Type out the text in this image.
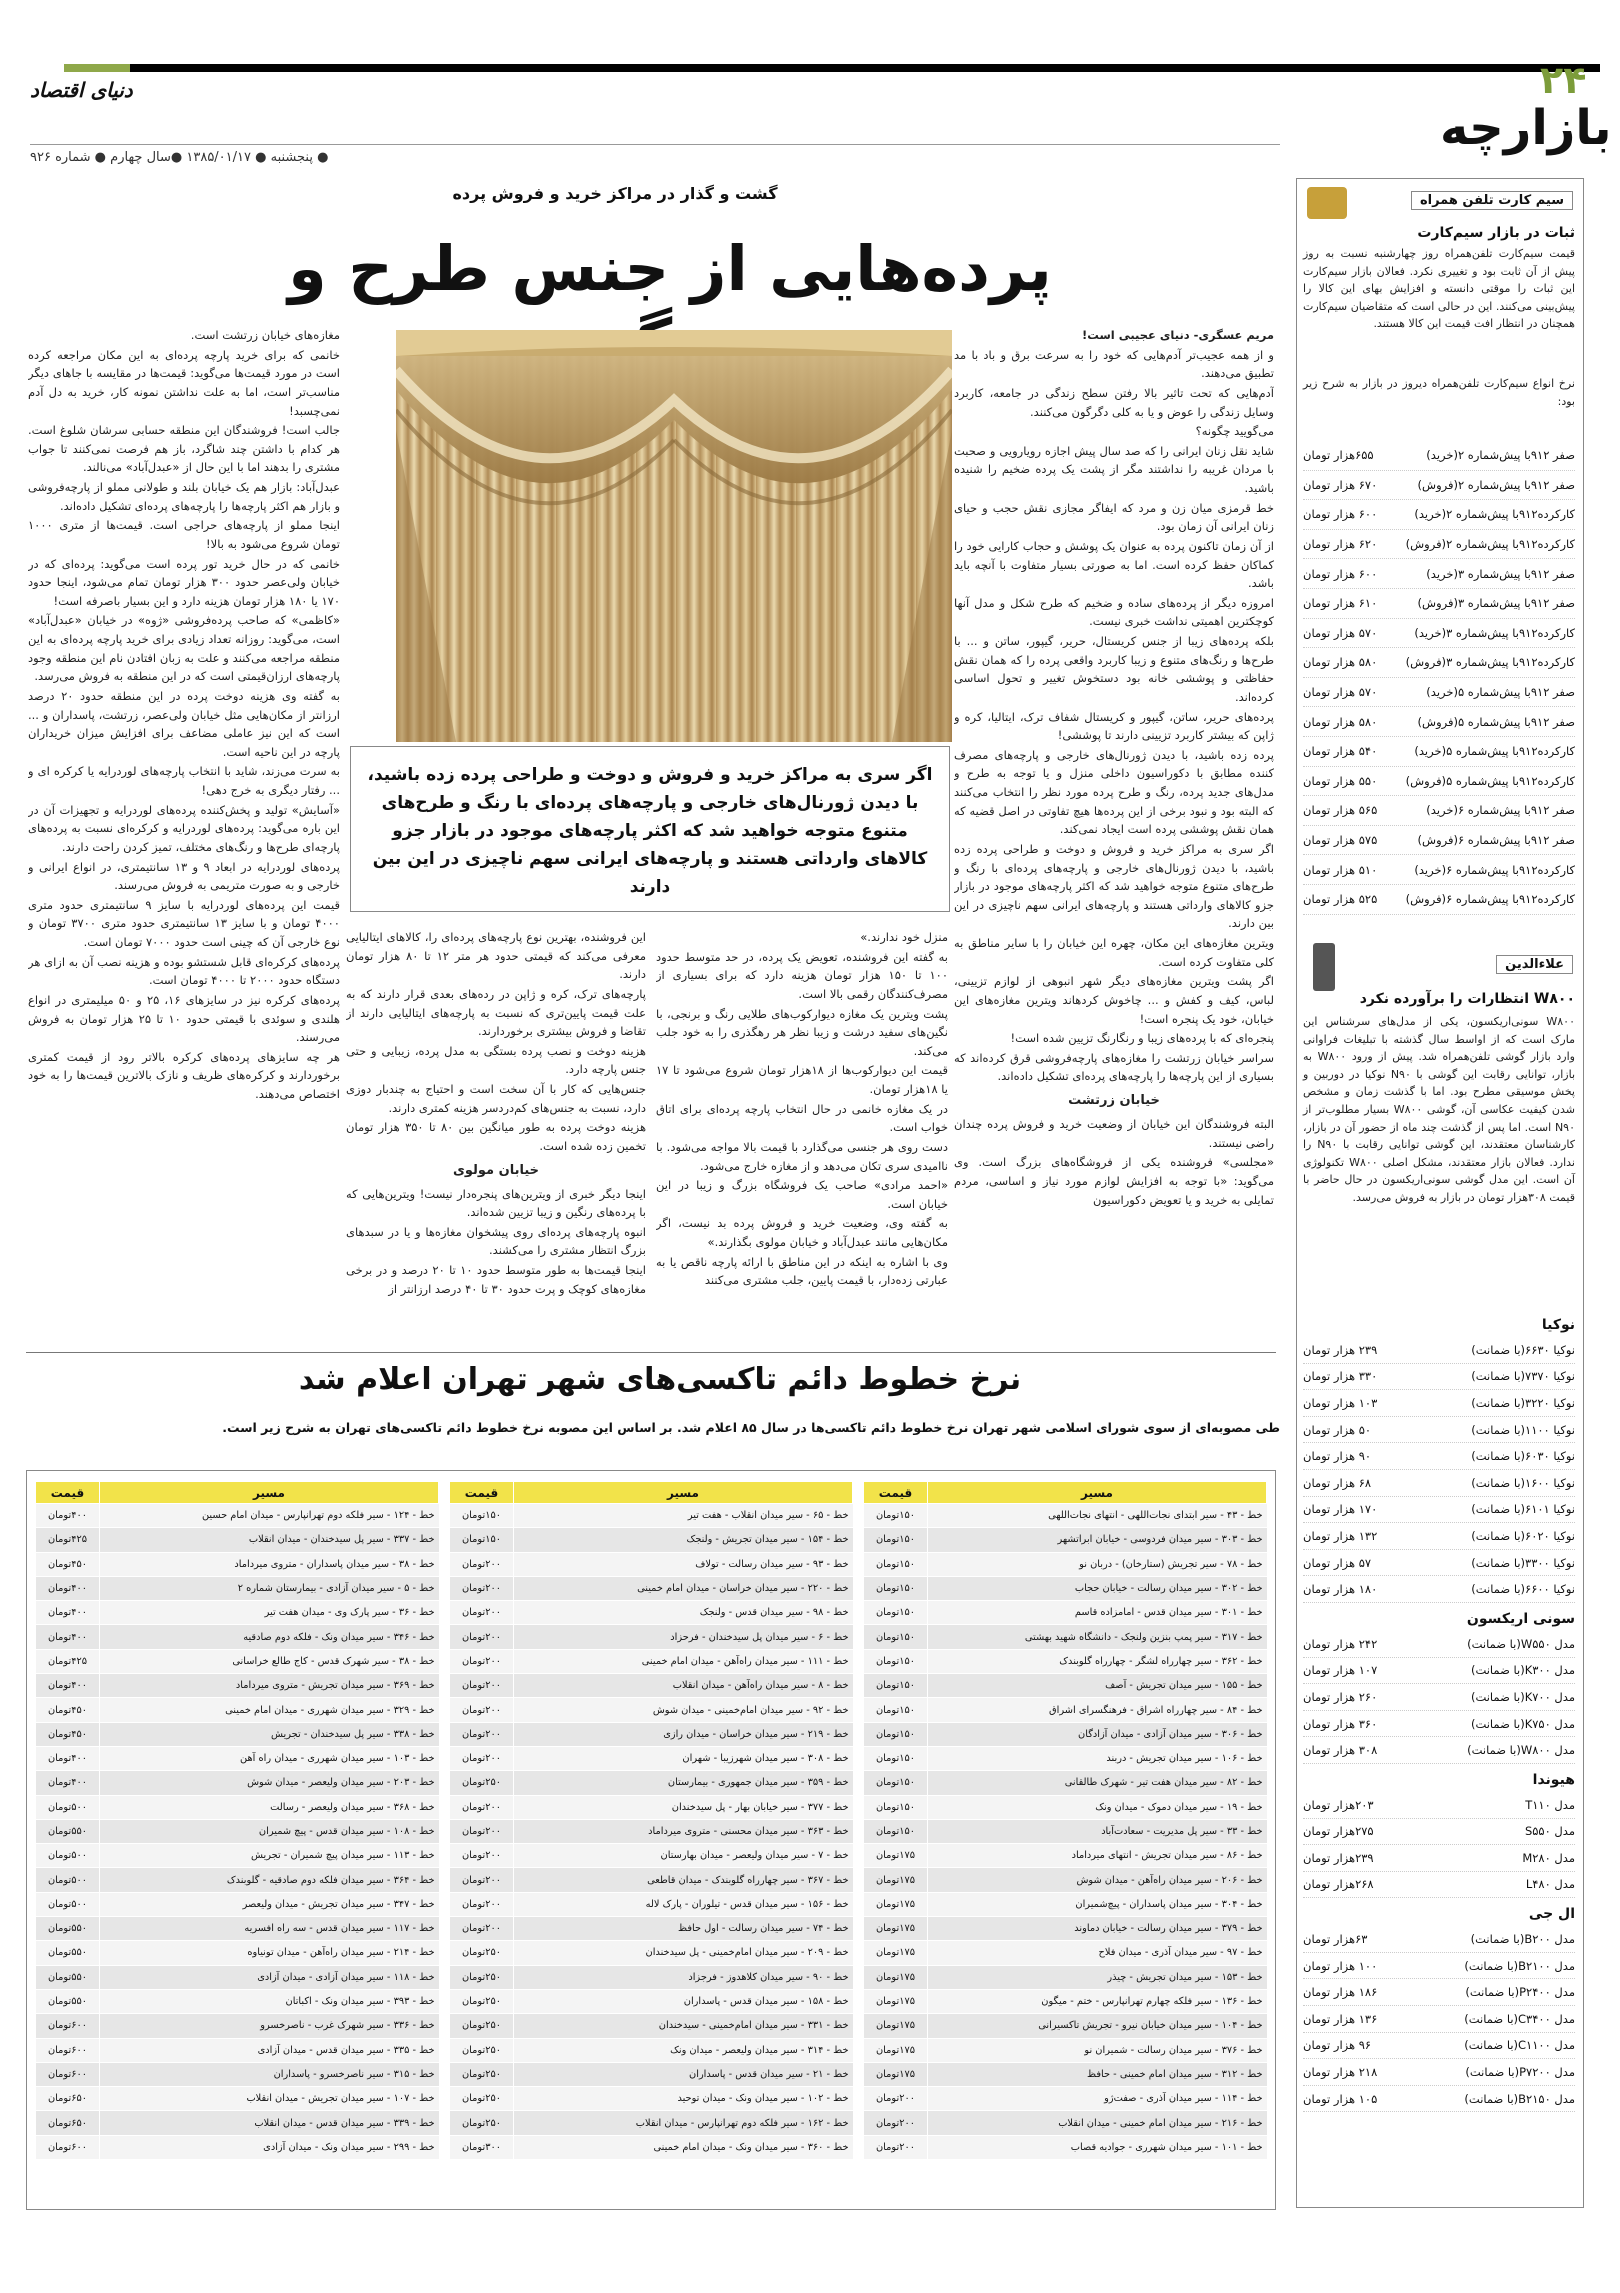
۲۴
دنیای اقتصاد
بازارچه
● پنجشنبه ● ۱۳۸۵/۰۱/۱۷ ●سال چهارم ● شماره ۹۲۶
گشت و گذار در مراکز خرید و فروش پرده
پرده‌هایی از جنس طرح و

مریم عسگری- دنیای عجیبی است!

و از همه عجیب‌تر آدم‌هایی که خود را به سرعت برق و باد با مد تطبیق می‌دهند.

آدم‌هایی که تحت تاثیر بالا رفتن سطح زندگی در جامعه، کاربرد وسایل زندگی را عوض و یا به کلی دگرگون می‌کنند.

می‌گویید چگونه؟

شاید نقل زنان ایرانی را که صد سال پیش اجازه رویارویی و صحبت با مردان غریبه را نداشتند مگر از پشت یک پرده ضخیم را شنیده باشید.

خط قرمزی میان زن و مرد که ایفاگر مجازی نقش حجب و حیای زنان ایرانی آن زمان بود.

از آن زمان تاکنون پرده به عنوان یک پوشش و حجاب کارایی خود را کماکان حفظ کرده است. اما به صورتی بسیار متفاوت با آنچه باید باشد.

امروزه دیگر از پرده‌های ساده و ضخیم که طرح شکل و مدل آنها کوچکترین اهمیتی نداشت خبری نیست.

بلکه پرده‌های زیبا از جنس کریستال، حریر، گیپور، ساتن و ... با طرح‌ها و رنگ‌های متنوع و زیبا کاربرد واقعی پرده را که همان نقش حفاظتی و پوششی خانه بود دستخوش تغییر و تحول اساسی کرده‌اند.

پرده‌های حریر، ساتن، گیپور و کریستال شفاف ترک، ایتالیا، کره و ژاپن که بیشتر کاربرد تزیینی دارند تا پوششی!

پرده زده باشید، با دیدن ژورنال‌های خارجی و پارچه‌های مصرف کننده مطابق با دکوراسیون داخلی منزل و یا توجه به طرح و مدل‌های جدید پرده، رنگ و طرح پرده مورد نظر را انتخاب می‌کنند که البته بود و نبود برخی از این پرده‌ها هیچ تفاوتی در اصل قضیه که همان نقش پوششی پرده است ایجاد نمی‌کند.

اگر سری به مراکز خرید و فروش و دوخت و طراحی پرده زده باشید، با دیدن ژورنال‌های خارجی و پارچه‌های پرده‌ای با رنگ و طرح‌های متنوع متوجه خواهید شد که اکثر پارچه‌های موجود در بازار جزو کالاهای وارداتی هستند و پارچه‌های ایرانی سهم ناچیزی در این بین دارند.

ویترین مغازه‌های این مکان، چهره این خیابان را با سایر مناطق به کلی متفاوت کرده است.

اگر پشت ویترین مغازه‌های دیگر شهر انبوهی از لوازم تزیینی، لباس، کیف و کفش و ... چاخوش کردهاند ویترین مغازه‌های این خیابان، خود یک پنجره است!

پنجره‌ای که با پرده‌های زیبا و رنگارنگ تزیین شده است!

سراسر خیابان زرتشت را مغازه‌های پارچه‌فروشی قرق کرده‌اند که بسیاری از این پارچه‌ها را پارچه‌های پرده‌ای تشکیل داده‌اند.

خیابان زرتشت

البته فروشندگان این خیابان از وضعیت خرید و فروش پرده چندان راضی نیستند.

«مجلسی» فروشنده یکی از فروشگاه‌های بزرگ است. وی می‌گوید: «با توجه به افزایش لوازم مورد نیاز و اساسی، مردم تمایلی به خرید و یا تعویض دکوراسیون

اگر سری به مراکز خرید و فروش و دوخت و طراحی پرده زده باشید، با دیدن ژورنال‌های خارجی و پارچه‌های پرده‌ای با رنگ و طرح‌های متنوع متوجه خواهید شد که اکثر پارچه‌های موجود در بازار جزو کالاهای وارداتی هستند و پارچه‌های ایرانی سهم ناچیزی در این بین دارند

منزل خود ندارند.»

به گفته این فروشنده، تعویض یک پرده، در حد متوسط حدود ۱۰۰ تا ۱۵۰ هزار تومان هزینه دارد که برای بسیاری از مصرف‌کنندگان رقمی بالا است.

پشت ویترین یک مغازه دیوارکوب‌های طلایی رنگ و برنجی، با نگین‌های سفید درشت و زیبا نظر هر رهگذری را به خود جلب می‌کند.

قیمت این دیوارکوب‌ها از ۱۸هزار تومان شروع می‌شود تا ۱۷ یا ۱۸هزار تومان.

در یک مغازه خانمی در حال انتخاب پارچه پرده‌ای برای اتاق خواب است.

دست روی هر جنسی می‌گذارد با قیمت بالا مواجه می‌شود. با ناامیدی سری تکان می‌دهد و از مغازه خارج می‌شود.

«احمد مرادی» صاحب یک فروشگاه بزرگ و زیبا در این خیابان است.

به گفته وی، وضعیت خرید و فروش پرده بد نیست، اگر مکان‌هایی مانند عبدل‌آباد و خیابان مولوی بگذارند.»

وی با اشاره به اینکه در این مناطق با ارائه پارچه ناقص یا به عبارتی زده‌دار، با قیمت پایین، جلب مشتری می‌کنند

این فروشنده، بهترین نوع پارچه‌های پرده‌ای را، کالاهای ایتالیایی معرفی می‌کند که قیمتی حدود هر متر ۱۲ تا ۸۰ هزار تومان دارند.

پارچه‌های ترک، کره و ژاپن در رده‌های بعدی قرار دارند که به علت قیمت پایین‌تری که نسبت به پارچه‌های ایتالیایی دارند از تقاضا و فروش بیشتری برخوردارند.

هزینه دوخت و نصب پرده بستگی به مدل پرده، زیبایی و حتی جنس پارچه دارد.

جنس‌هایی که کار با آن سخت است و احتیاج به چندبار دوزی دارد، نسبت به جنس‌های کم‌دردسر هزینه کمتری دارند.

هزینه دوخت پرده به طور میانگین بین ۸۰ تا ۳۵۰ هزار تومان تخمین زده شده است.

خیابان مولوی

اینجا دیگر خبری از ویترین‌های پنجره‌دار نیست! ویترین‌هایی که با پرده‌های رنگین و زیبا تزیین شده‌اند.

انبوه پارچه‌های پرده‌ای روی پیشخوان مغازه‌ها و یا در سبدهای بزرگ انتظار مشتری را می‌کشند.

اینجا قیمت‌ها به طور متوسط حدود ۱۰ تا ۲۰ درصد و در برخی مغازه‌های کوچک و پرت حدود ۳۰ تا ۴۰ درصد ارزانتر از

مغازه‌های خیابان زرتشت است.

خانمی که برای خرید پارچه پرده‌ای به این مکان مراجعه کرده است در مورد قیمت‌ها می‌گوید: قیمت‌ها در مقایسه با جاهای دیگر مناسب‌تر است، اما به علت نداشتن نمونه کار، خرید به دل آدم نمی‌چسبد!

جالب است! فروشندگان این منطقه حسابی سرشان شلوغ است. هر کدام با داشتن چند شاگرد، باز هم فرصت نمی‌کنند تا جواب مشتری را بدهند اما با این حال از «عبدل‌آباد» می‌نالند.

عبدل‌آباد: بازار هم یک خیابان بلند و طولانی مملو از پارچه‌فروشی و بازار هم اکثر پارچه‌ها را پارچه‌های پرده‌ای تشکیل داده‌اند.

اینجا مملو از پارچه‌های حراجی است. قیمت‌ها از متری ۱۰۰۰ تومان شروع می‌شود به بالا!

خانمی که در حال خرید تور پرده است می‌گوید: پرده‌ای که در خیابان ولی‌عصر حدود ۳۰۰ هزار تومان تمام می‌شود، اینجا حدود ۱۷۰ یا ۱۸۰ هزار تومان هزینه دارد و این بسیار باصرفه است!

«کاظمی» که صاحب پرده‌فروشی «ژوه» در خیابان «عبدل‌آباد» است، می‌گوید: روزانه تعداد زیادی برای خرید پارچه پرده‌ای به این منطقه مراجعه می‌کنند و علت به زبان افتادن نام این منطقه وجود پارچه‌های ارزان‌قیمتی است که در این منطقه به فروش می‌رسد.

به گفته وی هزینه دوخت پرده در این منطقه حدود ۲۰ درصد ارزانتر از مکان‌هایی مثل خیابان ولی‌عصر، زرتشت، پاسداران و ... است که این نیز عاملی مضاعف برای افزایش میزان خریداران پارچه در این ناحیه است.

به سرت می‌زند، شاید با انتخاب پارچه‌های لوردرایه یا کرکره ای و ... رفتار دیگری به خرج دهی!

«آسایش» تولید و پخش‌کننده پرده‌های لوردرایه و تجهیزات آن در این باره می‌گوید: پرده‌های لوردرایه و کرکره‌ای نسبت به پرده‌های پارچه‌ای طرح‌ها و رنگ‌های مختلف، تمیز کردن راحت دارند.

پرده‌های لوردرایه در ابعاد ۹ و ۱۳ سانتیمتری، در انواع ایرانی و خارجی و به صورت متریمی به فروش می‌رسند.

قیمت این پرده‌های لوردرایه با سایز ۹ سانتیمتری حدود متری ۴۰۰۰ تومان و با سایز ۱۳ سانتیمتری حدود متری ۳۷۰۰ تومان و نوع خارجی آن که چینی است حدود ۷۰۰۰ تومان است.

پرده‌های کرکره‌ای قابل شستشو بوده و هزینه نصب آن به ازای هر دستگاه حدود ۲۰۰۰ تا ۴۰۰۰ تومان است.

پرده‌های کرکره نیز در سایزهای ۱۶، ۲۵ و ۵۰ میلیمتری در انواع هلندی و سوئدی با قیمتی حدود ۱۰ تا ۲۵ هزار تومان به فروش می‌رسند.

هر چه سایزهای پرده‌های کرکره بالاتر رود از قیمت کمتری برخوردارند و کرکره‌های ظریف و نازک بالاترین قیمت‌ها را به خود اختصاص می‌دهند.

سیم کارت تلفن همراه
ثبات در بازار سیم‌کارت
قیمت سیم‌کارت تلفن‌همراه روز چهارشنبه نسبت به روز پیش از آن ثابت بود و تغییری نکرد. فعالان بازار سیم‌کارت این ثبات را موقتی دانسته و افزایش بهای این کالا را پیش‌بینی می‌کنند. این در حالی است که متقاضیان سیم‌کارت همچنان در انتظار افت قیمت این کالا هستند.
نرخ انواع سیم‌کارت تلفن‌همراه دیروز در بازار به شرح زیر بود:
صفر ۹۱۲با پیش‌شماره ۲(خرید)
۶۵۵هزار تومان
صفر ۹۱۲با پیش‌شماره ۲(فروش)
۶۷۰ هزار تومان
کارکرده۹۱۲با پیش‌شماره ۲(خرید)
۶۰۰ هزار تومان
کارکرده۹۱۲با پیش‌شماره ۲(فروش)
۶۲۰ هزار تومان
صفر ۹۱۲با پیش‌شماره ۳(خرید)
۶۰۰ هزار تومان
صفر ۹۱۲با پیش‌شماره ۳(فروش)
۶۱۰ هزار تومان
کارکرده۹۱۲با پیش‌شماره ۳(خرید)
۵۷۰ هزار تومان
کارکرده۹۱۲با پیش‌شماره ۳(فروش)
۵۸۰ هزار تومان
صفر ۹۱۲با پیش‌شماره ۵(خرید)
۵۷۰ هزار تومان
صفر ۹۱۲با پیش‌شماره ۵(فروش)
۵۸۰ هزار تومان
کارکرده۹۱۲با پیش‌شماره ۵(خرید)
۵۴۰ هزار تومان
کارکرده۹۱۲با پیش‌شماره ۵(فروش)
۵۵۰ هزار تومان
صفر ۹۱۲با پیش‌شماره ۶(خرید)
۵۶۵ هزار تومان
صفر ۹۱۲با پیش‌شماره ۶(فروش)
۵۷۵ هزار تومان
کارکرده۹۱۲با پیش‌شماره ۶(خرید)
۵۱۰ هزار تومان
کارکرده۹۱۲با پیش‌شماره ۶(فروش)
۵۲۵ هزار تومان
علاءالدین
W۸۰۰ انتظارات را برآورده نکرد
W۸۰۰ سونی‌اریکسون، یکی از مدل‌های سرشناس این مارک است که از اواسط سال گذشته با تبلیغات فراوانی وارد بازار گوشی تلفن‌همراه شد. پیش از ورود W۸۰۰ به بازار، توانایی رقابت این گوشی با N۹۰ نوکیا در دوربین و پخش موسیقی مطرح بود. اما با گذشت زمان و مشخص شدن کیفیت عکاسی آن، گوشی W۸۰۰ بسیار مطلوب‌تر از N۹۰ است. اما پس از گذشت چند ماه از حضور آن در بازار، کارشناسان معتقدند، این گوشی توانایی رقابت با N۹۰ را ندارد. فعالان بازار معتقدند، مشکل اصلی W۸۰۰ تکنولوژی آن است. این مدل گوشی سونی‌اریکسون در حال حاضر با قیمت ۳۰۸هزار تومان در بازار به فروش می‌رسد.
نوکیا
نوکیا ۶۶۳۰(با ضمانت)
۲۳۹ هزار تومان
نوکیا ۷۳۷۰(با ضمانت)
۳۳۰ هزار تومان
نوکیا ۳۲۲۰(با ضمانت)
۱۰۳ هزار تومان
نوکیا ۱۱۰۰(با ضمانت)
۵۰ هزار تومان
نوکیا ۶۰۳۰(با ضمانت)
۹۰ هزار تومان
نوکیا ۱۶۰۰(با ضمانت)
۶۸ هزار تومان
نوکیا ۶۱۰۱(با ضمانت)
۱۷۰ هزار تومان
نوکیا ۶۰۲۰(با ضمانت)
۱۳۲ هزار تومان
نوکیا ۳۳۰۰(با ضمانت)
۵۷ هزار تومان
نوکیا ۶۶۰۰(با ضمانت)
۱۸۰ هزار تومان
سونی اریکسون
مدل W۵۵۰(با ضمانت)
۲۴۲ هزار تومان
مدل K۳۰۰(با ضمانت)
۱۰۷ هزار تومان
مدل K۷۰۰(با ضمانت)
۲۶۰ هزار تومان
مدل K۷۵۰(با ضمانت)
۳۶۰ هزار تومان
مدل W۸۰۰(با ضمانت)
۳۰۸ هزار تومان
هیوندا
مدل T۱۱۰
۲۰۳هزار تومان
مدل S۵۵۰
۲۷۵هزار تومان
مدل M۲۸۰
۲۳۹هزار تومان
مدل L۴۸۰
۲۶۸هزار تومان
ال جی
مدل B۲۰۰(با ضمانت)
۶۳هزار تومان
مدل B۲۱۰۰(با ضمانت)
۱۰۰ هزار تومان
مدل P۲۴۰۰(با ضمانت)
۱۸۶ هزار تومان
مدل C۳۴۰۰(با ضمانت)
۱۳۶ هزار تومان
مدل C۱۱۰۰(با ضمانت)
۹۶ هزار تومان
مدل P۷۲۰۰(با ضمانت)
۲۱۸ هزار تومان
مدل B۲۱۵۰(با ضمانت)
۱۰۵ هزار تومان
نرخ خطوط دائم تاکسی‌های شهر تهران اعلام شد
طی مصوبه‌ای از سوی شورای اسلامی شهر تهران نرخ خطوط دائم تاکسی‌ها در سال ۸۵ اعلام شد. بر اساس این مصوبه نرخ خطوط دائم تاکسی‌های تهران به شرح زیر است.
مسیر	قیمت
خط - ۴۳ - سیر ابتدای نجات‌اللهی - انتهای نجات‌اللهی	۱۵۰تومان
خط - ۳۰۳ - سیر میدان فردوسی - خیابان ابراتشهر	۱۵۰تومان
خط - ۷۸ - سیر تجریش (ستارخان) - دربان نو	۱۵۰تومان
خط - ۳۰۲ - سیر میدان رسالت - خیابان حجاب	۱۵۰تومان
خط - ۳۰۱ - سیر میدان قدس - امامزاده قاسم	۱۵۰تومان
خط - ۳۱۷ - سیر پمپ بنزین ولنجک - دانشگاه شهید بهشتی	۱۵۰تومان
خط - ۳۶۲ - سیر چهارراه لشگر - چهارراه گلوبندک	۱۵۰تومان
خط - ۱۵۵ - سیر میدان تجریش - آصف	۱۵۰تومان
خط - ۸۴ - سیر چهارراه اشراق - فرهنگسرای اشراق	۱۵۰تومان
خط - ۳۰۶ - سیر میدان آزادی - میدان آزادگان	۱۵۰تومان
خط - ۱۰۶ - سیر میدان تجریش - دربند	۱۵۰تومان
خط - ۸۲ - سیر میدان هفت تیر - شهرک طالقانی	۱۵۰تومان
خط - ۱۹ - سیر میدان دموک - میدان ونک	۱۵۰تومان
خط - ۳۳ - سیر پل مدیریت - سعادت‌آباد	۱۵۰تومان
خط - ۸۶ - سیر میدان تجریش - انتهای میرداماد	۱۷۵تومان
خط - ۲۰۶ - سیر میدان راه‌آهن - میدان شوش	۱۷۵تومان
خط - ۳۰۴ - سیر میدان پاسداران - پیچ‌شمیران	۱۷۵تومان
خط - ۳۷۹ - سیر میدان رسالت - خیابان دماوند	۱۷۵تومان
خط - ۹۷ - سیر میدان آذری - میدان فلاح	۱۷۵تومان
خط - ۱۵۳ - سیر میدان تجریش - چیذر	۱۷۵تومان
خط - ۱۳۶ - سیر فلکه چهارم تهرانپارس - ختم - میگون	۱۷۵تومان
خط - ۱۰۴ - سیر میدان خیابان نیرو - تجریش تاکسیرانی	۱۷۵تومان
خط - ۳۷۶ - سیر میدان رسالت - شمیران نو	۱۷۵تومان
خط - ۳۱۲ - سیر میدان امام خمینی - حافظ	۱۷۵تومان
خط - ۱۱۴ - سیر میدان آذری - صفت‌ژو	۲۰۰تومان
خط - ۲۱۶ - سیر میدان امام خمینی - میدان انقلاب	۲۰۰تومان
خط - ۱۰۱ - سیر میدان شهرری - جوادیه قصاب	۲۰۰تومان
مسیر	قیمت
خط - ۶۵ - سیر میدان انقلاب - هفت تیر	۱۵۰تومان
خط - ۱۵۴ - سیر میدان تجریش - ولنجک	۱۵۰تومان
خط - ۹۳ - سیر میدان رسالت - تولاف	۲۰۰تومان
خط - ۲۲۰ - سیر میدان خراسان - میدان امام خمینی	۲۰۰تومان
خط - ۹۸ - سیر میدان قدس - ولنجک	۲۰۰تومان
خط - ۶ - سیر میدان پل سیدخندان - فرحزاد	۲۰۰تومان
خط - ۱۱۱ - سیر میدان راه‌آهن - میدان امام خمینی	۲۰۰تومان
خط - ۸ - سیر میدان راه‌آهن - میدان انقلاب	۲۰۰تومان
خط - ۹۲ - سیر میدان امام‌خمینی - میدان شوش	۲۰۰تومان
خط - ۲۱۹ - سیر میدان خراسان - میدان رازی	۲۰۰تومان
خط - ۳۰۸ - سیر میدان شهرزیبا - شهران	۲۰۰تومان
خط - ۳۵۹ - سیر میدان جمهوری - بیمارستان	۲۵۰تومان
خط - ۳۷۷ - سیر خیابان بهار - پل سیدخندان	۲۰۰تومان
خط - ۳۶۳ - سیر میدان محسنی - متروی میرداماد	۲۰۰تومان
خط - ۷ - سیر میدان ولیعصر - میدان بهارستان	۲۰۰تومان
خط - ۳۶۷ - سیر چهارراه گلوبندک - میدان قاطعی	۲۰۰تومان
خط - ۱۵۶ - سیر میدان قدس - تیلوران - پارک لاله	۲۰۰تومان
خط - ۷۴ - سیر میدان رسالت - اول حافظ	۲۰۰تومان
خط - ۲۰۹ - سیر میدان امام‌خمینی - پل سیدخندان	۲۵۰تومان
خط - ۹۰ - سیر میدان کلاهدوز - فرجزاد	۲۵۰تومان
خط - ۱۵۸ - سیر میدان قدس - پاسداران	۲۵۰تومان
خط - ۳۳۱ - سیر میدان امام‌خمینی - سیدخندان	۲۵۰تومان
خط - ۳۱۴ - سیر میدان ولیعصر - میدان ونک	۲۵۰تومان
خط - ۲۱ - سیر میدان قدس - پاسداران	۲۵۰تومان
خط - ۱۰۲ - سیر میدان ونک - میدان توحید	۲۵۰تومان
خط - ۱۶۲ - سیر فلکه دوم تهرانپارس - میدان انقلاب	۲۵۰تومان
خط - ۳۶۰ - سیر میدان ونک - میدان امام خمینی	۳۰۰تومان
مسیر	قیمت
خط - ۱۲۴ - سیر فلکه دوم تهرانپارس - میدان امام حسین	۴۰۰تومان
خط - ۳۳۷ - سیر پل سیدخندان - میدان انقلاب	۴۲۵تومان
خط - ۳۸ - سیر میدان پاسداران - متروی میرداماد	۴۵۰تومان
خط - ۵ - سیر میدان آزادی - بیمارستان شماره ۲	۴۰۰تومان
خط - ۳۶ - سیر پارک وی - میدان هفت تیر	۴۰۰تومان
خط - ۳۴۶ - سیر میدان ونک - فلکه دوم صادقیه	۴۰۰تومان
خط - ۳۸ - سیر شهرک قدس - کاج طالع خراسانی	۴۲۵تومان
خط - ۳۶۹ - سیر میدان تجریش - متروی میرداماد	۴۰۰تومان
خط - ۳۲۹ - سیر میدان شهرری - میدان امام خمینی	۴۵۰تومان
خط - ۳۳۸ - سیر پل سیدخندان - تجریش	۴۵۰تومان
خط - ۱۰۳ - سیر میدان شهرری - میدان راه آهن	۴۰۰تومان
خط - ۲۰۳ - سیر میدان ولیعصر - میدان شوش	۴۰۰تومان
خط - ۳۶۸ - سیر میدان ولیعصر - رسالت	۵۰۰تومان
خط - ۱۰۸ - سیر میدان قدس - پیچ شمیران	۵۵۰تومان
خط - ۱۱۳ - سیر میدان پیچ شمیران - تجریش	۵۰۰تومان
خط - ۳۶۴ - سیر میدان فلکه دوم صادقیه - گلوبندک	۵۰۰تومان
خط - ۳۴۷ - سیر میدان تجریش - میدان ولیعصر	۵۰۰تومان
خط - ۱۱۷ - سیر میدان قدس - سه راه افسریه	۵۵۰تومان
خط - ۲۱۴ - سیر میدان راه‌آهن - میدان تونیاوه	۵۵۰تومان
خط - ۱۱۸ - سیر میدان آزادی - میدان آزادی	۵۵۰تومان
خط - ۳۹۳ - سیر میدان ونک - اکباتان	۵۵۰تومان
خط - ۳۳۶ - سیر شهرک غرب - ناصرخسرو	۶۰۰تومان
خط - ۳۳۵ - سیر میدان قدس - میدان آزادی	۶۰۰تومان
خط - ۳۱۵ - سیر ناصرخسرو - پاسداران	۶۰۰تومان
خط - ۱۰۷ - سیر میدان تجریش - میدان انقلاب	۶۵۰تومان
خط - ۳۳۹ - سیر میدان قدس - میدان انقلاب	۶۵۰تومان
خط - ۲۹۹ - سیر میدان ونک - میدان آزادی	۶۰۰تومان
